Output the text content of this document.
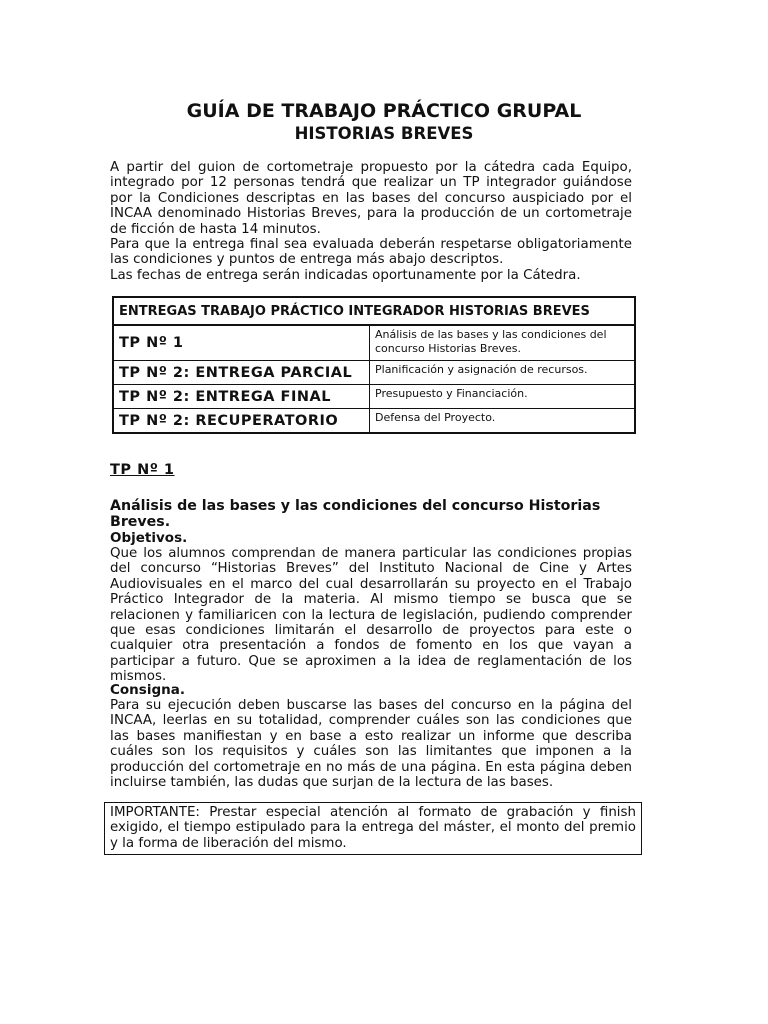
GUÍA DE TRABAJO PRÁCTICO GRUPAL
HISTORIAS BREVES

A partir del guion de cortometraje propuesto por la cátedra cada Equipo, integrado por 12 personas tendrá que realizar un TP integrador guiándose por la Condiciones descriptas en las bases del concurso auspiciado por el INCAA denominado Historias Breves, para la producción de un cortometraje de ficción de hasta 14 minutos.

Para que la entrega final sea evaluada deberán respetarse obligatoriamente las condiciones y puntos de entrega más abajo descriptos.
Las fechas de entrega serán indicadas oportunamente por la Cátedra.
ENTREGAS TRABAJO PRÁCTICO INTEGRADOR HISTORIAS BREVES	
TP Nº 1	Análisis de las bases y las condiciones del concurso Historias Breves.
TP Nº 2: ENTREGA PARCIAL	Planificación y asignación de recursos.
TP Nº 2: ENTREGA FINAL	Presupuesto y Financiación.
TP Nº 2: RECUPERATORIO	Defensa del Proyecto.
TP Nº 1
Análisis de las bases y las condiciones del concurso Historias Breves.
Objetivos.

Que los alumnos comprendan de manera particular las condiciones propias del concurso “Historias Breves” del Instituto Nacional de Cine y Artes Audiovisuales en el marco del cual desarrollarán su proyecto en el Trabajo Práctico Integrador de la materia. Al mismo tiempo se busca que se relacionen y familiaricen con la lectura de legislación, pudiendo comprender que esas condiciones limitarán el desarrollo de proyectos para este o cualquier otra presentación a fondos de fomento en los que vayan a participar a futuro. Que se aproximen a la idea de reglamentación de los mismos.

Consigna.

Para su ejecución deben buscarse las bases del concurso en la página del INCAA, leerlas en su totalidad, comprender cuáles son las condiciones que las bases manifiestan y en base a esto realizar un informe que describa cuáles son los requisitos y cuáles son las limitantes que imponen a la producción del cortometraje en no más de una página. En esta página deben incluirse también, las dudas que surjan de la lectura de las bases.

IMPORTANTE: Prestar especial atención al formato de grabación y finish exigido, el tiempo estipulado para la entrega del máster, el monto del premio y la forma de liberación del mismo.
